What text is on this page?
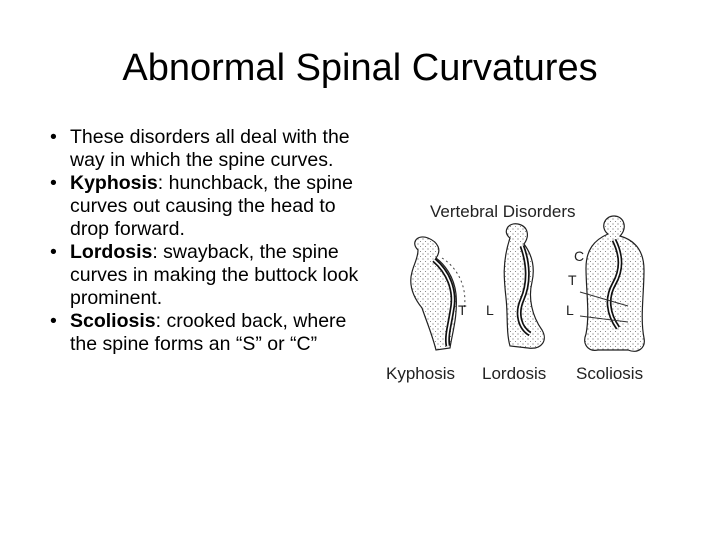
Abnormal Spinal Curvatures
• These disorders all deal with the way in which the spine curves.
• Kyphosis: hunchback, the spine curves out causing the head to drop forward.
• Lordosis: swayback, the spine curves in making the buttock look prominent.
• Scoliosis: crooked back, where the spine forms an “S” or “C”
Vertebral Disorders
T L
C
T
L
Kyphosis Lordosis Scoliosis
